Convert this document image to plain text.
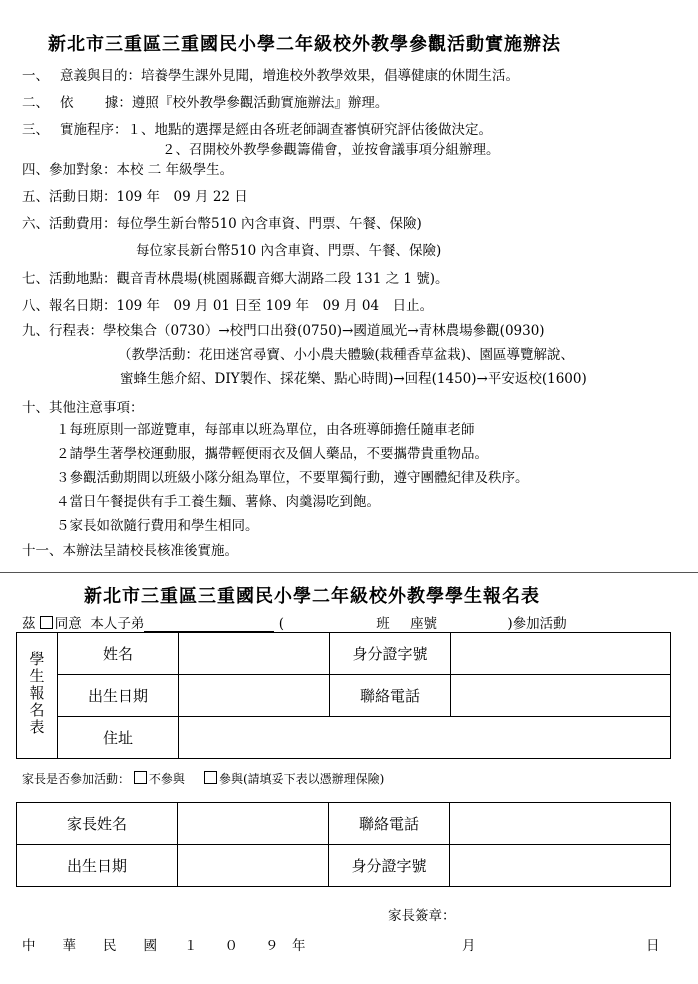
新北市三重區三重國民小學二年級校外教學參觀活動實施辦法
一、　 意義與目的：培養學生課外見聞，增進校外教學效果，倡導健康的休閒生活。
二、　 依　　 據：遵照『校外教學參觀活動實施辦法』辦理。
三、　 實施程序：１、地點的選擇是經由各班老師調查審慎研究評估後做決定。
２、召開校外教學參觀籌備會，並按會議事項分組辦理。
四、參加對象：本校 二 年級學生。
五、活動日期：109 年　09 月 22 日
六、活動費用：每位學生新台幣510 內含車資、門票、午餐、保險)
每位家長新台幣510 內含車資、門票、午餐、保險)
七、活動地點：觀音青林農場(桃園縣觀音鄉大湖路二段 131 之 1 號)。
八、報名日期：109 年　09 月 01 日至 109 年　09 月 04　日止。
九、行程表：學校集合（0730）→校門口出發(0750)→國道風光→青林農場參觀(0930)
（教學活動：花田迷宮尋寶、小小農夫體驗(栽種香草盆栽)、園區導覽解說、
蜜蜂生態介紹、DIY製作、採花樂、點心時間)→回程(1450)→平安返校(1600)
十、其他注意事項：
１每班原則一部遊覽車，每部車以班為單位，由各班導師擔任隨車老師
２請學生著學校運動服，攜帶輕便雨衣及個人藥品，不要攜帶貴重物品。
３參觀活動期間以班級小隊分組為單位，不要單獨行動，遵守團體紀律及秩序。
４當日午餐提供有手工養生麵、薯條、肉羹湯吃到飽。
５家長如欲隨行費用和學生相同。
十一、本辦法呈請校長核准後實施。
新北市三重區三重國民小學二年級校外教學學生報名表
茲 同意 本人子弟	(	班 座號	)參加活動
學生報名表	姓名		身分證字號	
	出生日期		聯絡電話	
	住址			
家長是否參加活動： 不參與	參與(請填妥下表以憑辦理保險)
家長姓名		聯絡電話	
出生日期		身分證字號	
家長簽章：
中　　華　　民　　國　　１　　０　　９　年	月	日
